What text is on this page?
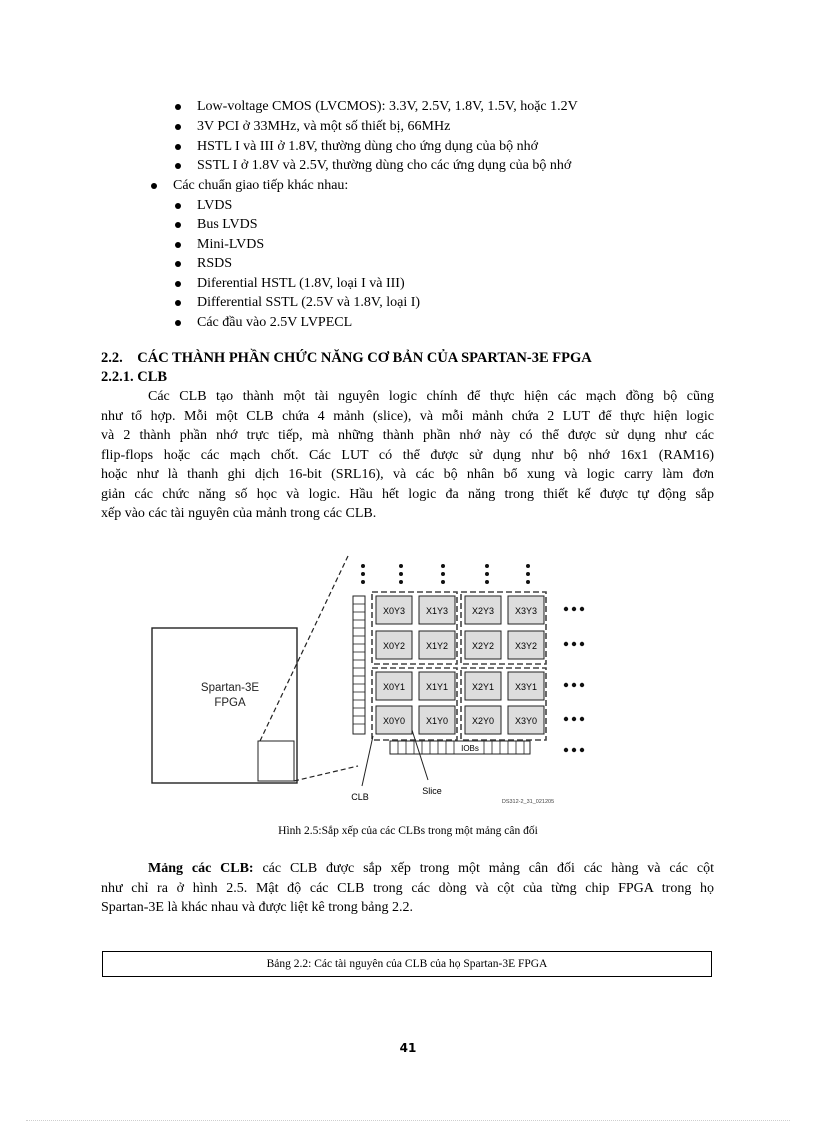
Low-voltage CMOS (LVCMOS): 3.3V, 2.5V, 1.8V, 1.5V, hoặc 1.2V
3V PCI ở 33MHz, và một số thiết bị, 66MHz
HSTL I và III ở 1.8V, thường dùng cho ứng dụng của bộ nhớ
SSTL I ở 1.8V và 2.5V, thường dùng cho các ứng dụng của bộ nhớ
Các chuẩn giao tiếp khác nhau:
LVDS
Bus LVDS
Mini-LVDS
RSDS
Diferential HSTL (1.8V, loại I và III)
Differential SSTL (2.5V và 1.8V, loại I)
Các đầu vào 2.5V LVPECL
2.2.    CÁC THÀNH PHẦN CHỨC NĂNG CƠ BẢN CỦA SPARTAN-3E FPGA
2.2.1. CLB
Các CLB tạo thành một tài nguyên logic chính để thực hiện các mạch đồng bộ cũng
như tổ hợp. Mỗi một CLB chứa 4 mảnh (slice), và mỗi mảnh chứa 2 LUT để thực hiện logic
và 2 thành phần nhớ trực tiếp, mà những thành phần nhớ này có thể được sử dụng như các
flip-flops hoặc các mạch chốt. Các LUT có thể được sử dụng như bộ nhớ 16x1 (RAM16)
hoặc như là thanh ghi dịch 16-bit (SRL16), và các bộ nhân bổ xung và logic carry làm đơn
giản các chức năng số học và logic. Hầu hết logic đa năng trong thiết kế được tự động sắp
xếp vào các tài nguyên của mảnh trong các CLB.
Spartan-3E
FPGA
X0Y3 X1Y3	X2Y3 X3Y3
X0Y2 X1Y2	X2Y2 X3Y2
X0Y1 X1Y1	X2Y1 X3Y1
X0Y0 X1Y0	X2Y0 X3Y0
IOBs
CLB
Slice
DS312-2_31_021205
Hình 2.5:Sắp xếp của các CLBs trong một mảng cân đối
Mảng các CLB: các CLB được sắp xếp trong một mảng cân đối các hàng và các cột
như chỉ ra ở hình 2.5. Mật độ các CLB trong các dòng và cột của từng chip FPGA trong họ
Spartan-3E là khác nhau và được liệt kê trong bảng 2.2.
Bảng 2.2: Các tài nguyên của CLB của họ Spartan-3E FPGA
41
